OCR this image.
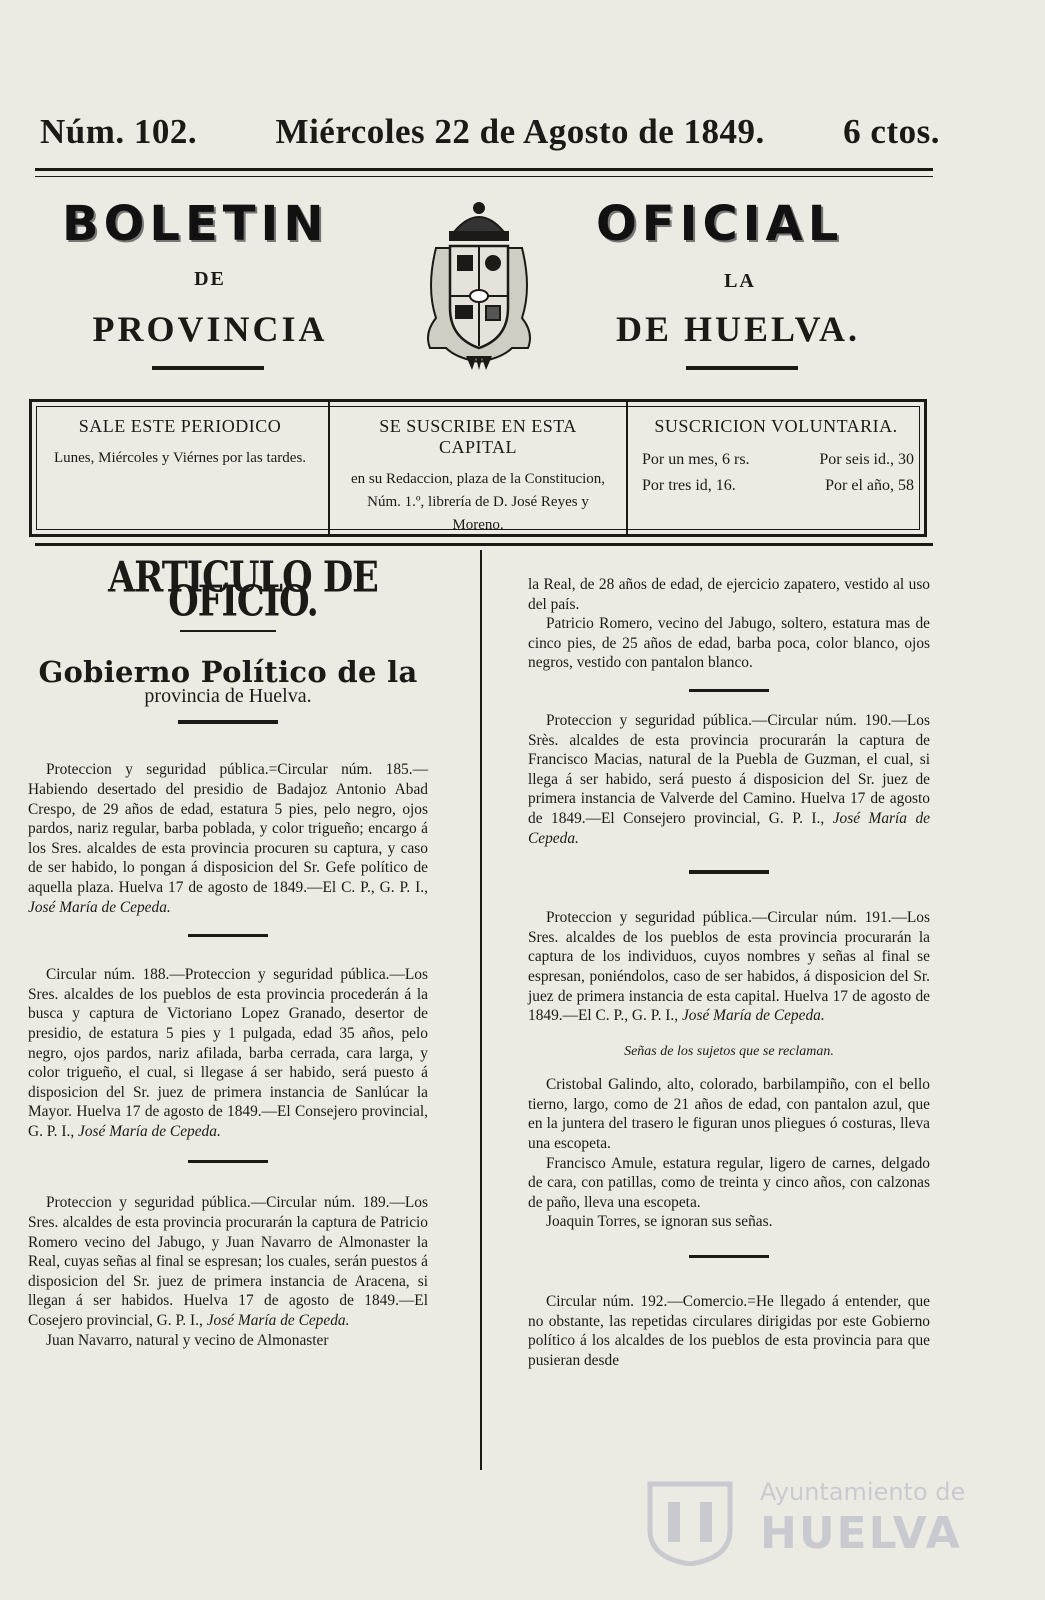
Núm. 102. Miércoles 22 de Agosto de 1849. 6 ctos.
BOLETIN	OFICIAL
DE	LA
PROVINCIA	DE HUELVA.
SALE ESTE PERIODICO
Lunes, Miércoles y Viérnes por las tardes.
SE SUSCRIBE EN ESTA CAPITAL
en su Redaccion, plaza de la Constitucion, Núm. 1.º, librería de D. José Reyes y Moreno.
SUSCRICION VOLUNTARIA.
Por un mes, 6 rs.	Por seis id., 30
Por tres id, 16.	Por el año, 58
ARTICULO DE OFICIO.
Gobierno Político de la
provincia de Huelva.

Proteccion y seguridad pública.=Circular núm. 185.—Habiendo desertado del presidio de Badajoz Antonio Abad Crespo, de 29 años de edad, estatura 5 pies, pelo negro, ojos pardos, nariz regular, barba poblada, y color trigueño; encargo á los Sres. alcaldes de esta provincia procuren su captura, y caso de ser habido, lo pongan á disposicion del Sr. Gefe político de aquella plaza. Huelva 17 de agosto de 1849.—El C. P., G. P. I., José María de Cepeda.

Circular núm. 188.—Proteccion y seguridad pública.—Los Sres. alcaldes de los pueblos de esta provincia procederán á la busca y captura de Victoriano Lopez Granado, desertor de presidio, de estatura 5 pies y 1 pulgada, edad 35 años, pelo negro, ojos pardos, nariz afilada, barba cerrada, cara larga, y color trigueño, el cual, si llegase á ser habido, será puesto á disposicion del Sr. juez de primera instancia de Sanlúcar la Mayor. Huelva 17 de agosto de 1849.—El Consejero provincial, G. P. I., José María de Cepeda.

Proteccion y seguridad pública.—Circular núm. 189.—Los Sres. alcaldes de esta provincia procurarán la captura de Patricio Romero vecino del Jabugo, y Juan Navarro de Almonaster la Real, cuyas señas al final se espresan; los cuales, serán puestos á disposicion del Sr. juez de primera instancia de Aracena, si llegan á ser habidos. Huelva 17 de agosto de 1849.—El Cosejero provincial, G. P. I., José María de Cepeda.

Juan Navarro, natural y vecino de Almonaster

la Real, de 28 años de edad, de ejercicio zapatero, vestido al uso del país.

Patricio Romero, vecino del Jabugo, soltero, estatura mas de cinco pies, de 25 años de edad, barba poca, color blanco, ojos negros, vestido con pantalon blanco.

Proteccion y seguridad pública.—Circular núm. 190.—Los Srès. alcaldes de esta provincia procurarán la captura de Francisco Macias, natural de la Puebla de Guzman, el cual, si llega á ser habido, será puesto á disposicion del Sr. juez de primera instancia de Valverde del Camino. Huelva 17 de agosto de 1849.—El Consejero provincial, G. P. I., José María de Cepeda.

Proteccion y seguridad pública.—Circular núm. 191.—Los Sres. alcaldes de los pueblos de esta provincia procurarán la captura de los individuos, cuyos nombres y señas al final se espresan, poniéndolos, caso de ser habidos, á disposicion del Sr. juez de primera instancia de esta capital. Huelva 17 de agosto de 1849.—El C. P., G. P. I., José María de Cepeda.

Señas de los sujetos que se reclaman.

Cristobal Galindo, alto, colorado, barbilampiño, con el bello tierno, largo, como de 21 años de edad, con pantalon azul, que en la juntera del trasero le figuran unos pliegues ó costuras, lleva una escopeta.

Francisco Amule, estatura regular, ligero de carnes, delgado de cara, con patillas, como de treinta y cinco años, con calzonas de paño, lleva una escopeta.

Joaquin Torres, se ignoran sus señas.

Circular núm. 192.—Comercio.=He llegado á entender, que no obstante, las repetidas circulares dirigidas por este Gobierno político á los alcaldes de los pueblos de esta provincia para que pusieran desde

Ayuntamiento de
HUELVA
